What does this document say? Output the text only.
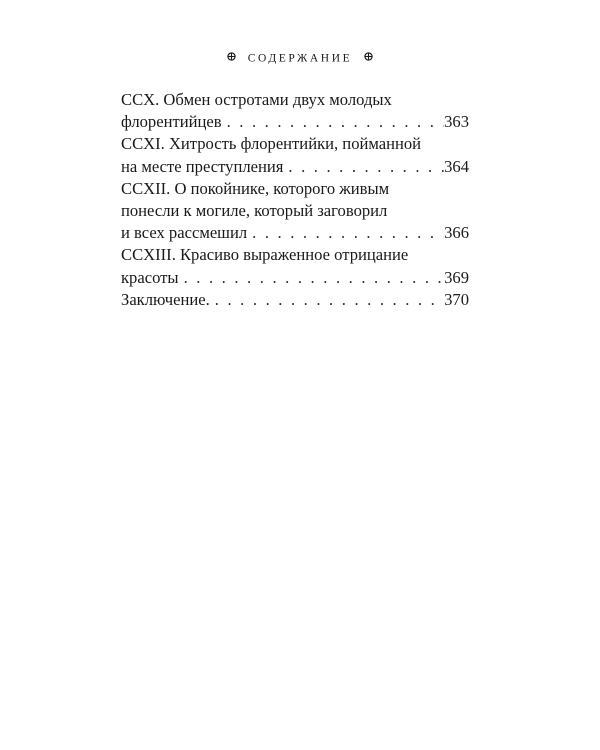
СОДЕРЖАНИЕ
CCX. Обмен остротами двух молодых
флорентийцев . . .	363
CCXI. Хитрость флорентийки, пойманной
на месте преступления . . .	364
CCXII. О покойнике, которого живым
понесли к могиле, который заговорил
и всех рассмешил . . .	366
CCXIII. Красиво выраженное отрицание
красоты . . .	369
Заключение. . . .	370
